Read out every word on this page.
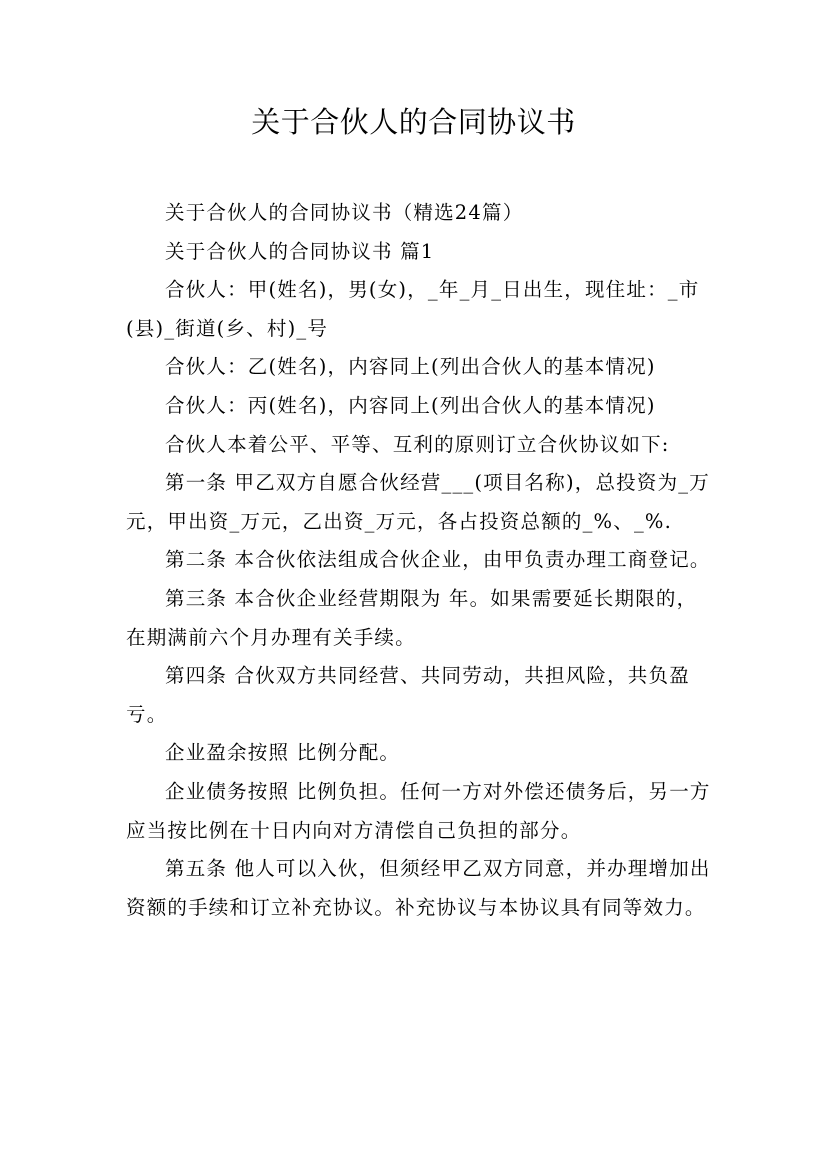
关于合伙人的合同协议书

关于合伙人的合同协议书（精选24篇）

关于合伙人的合同协议书 篇1

合伙人：甲(姓名)，男(女)，_年_月_日出生，现住址：_市(县)_街道(乡、村)_号

合伙人：乙(姓名)，内容同上(列出合伙人的基本情况)

合伙人：丙(姓名)，内容同上(列出合伙人的基本情况)

合伙人本着公平、平等、互利的原则订立合伙协议如下:

第一条 甲乙双方自愿合伙经营___(项目名称)，总投资为_万元，甲出资_万元，乙出资_万元，各占投资总额的_%、_%.

第二条 本合伙依法组成合伙企业，由甲负责办理工商登记。

第三条 本合伙企业经营期限为 年。如果需要延长期限的，在期满前六个月办理有关手续。

第四条 合伙双方共同经营、共同劳动，共担风险，共负盈亏。

企业盈余按照 比例分配。

企业债务按照 比例负担。任何一方对外偿还债务后，另一方应当按比例在十日内向对方清偿自己负担的部分。

第五条 他人可以入伙，但须经甲乙双方同意，并办理增加出资额的手续和订立补充协议。补充协议与本协议具有同等效力。
